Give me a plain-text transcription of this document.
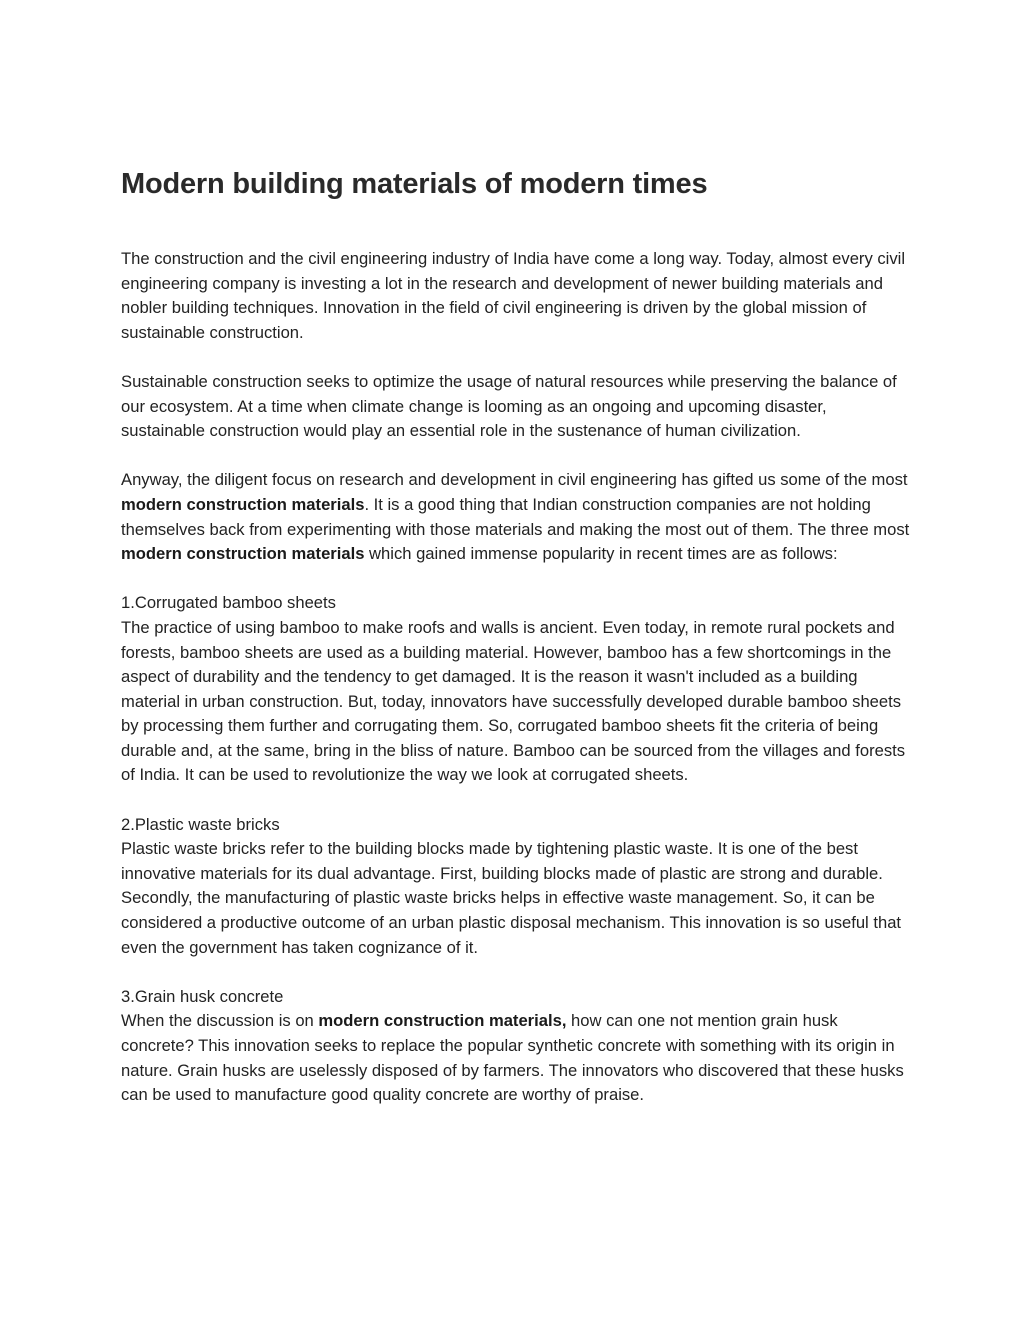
Modern building materials of modern times

The construction and the civil engineering industry of India have come a long way. Today, almost every civil engineering company is investing a lot in the research and development of newer building materials and nobler building techniques. Innovation in the field of civil engineering is driven by the global mission of sustainable construction.

Sustainable construction seeks to optimize the usage of natural resources while preserving the balance of our ecosystem. At a time when climate change is looming as an ongoing and upcoming disaster, sustainable construction would play an essential role in the sustenance of human civilization.

Anyway, the diligent focus on research and development in civil engineering has gifted us some of the most modern construction materials. It is a good thing that Indian construction companies are not holding themselves back from experimenting with those materials and making the most out of them. The three most modern construction materials which gained immense popularity in recent times are as follows:

1.Corrugated bamboo sheets
The practice of using bamboo to make roofs and walls is ancient. Even today, in remote rural pockets and forests, bamboo sheets are used as a building material. However, bamboo has a few shortcomings in the aspect of durability and the tendency to get damaged. It is the reason it wasn't included as a building material in urban construction. But, today, innovators have successfully developed durable bamboo sheets by processing them further and corrugating them. So, corrugated bamboo sheets fit the criteria of being durable and, at the same, bring in the bliss of nature. Bamboo can be sourced from the villages and forests of India. It can be used to revolutionize the way we look at corrugated sheets.

2.Plastic waste bricks
Plastic waste bricks refer to the building blocks made by tightening plastic waste. It is one of the best innovative materials for its dual advantage. First, building blocks made of plastic are strong and durable. Secondly, the manufacturing of plastic waste bricks helps in effective waste management. So, it can be considered a productive outcome of an urban plastic disposal mechanism. This innovation is so useful that even the government has taken cognizance of it.

3.Grain husk concrete
When the discussion is on modern construction materials, how can one not mention grain husk concrete? This innovation seeks to replace the popular synthetic concrete with something with its origin in nature. Grain husks are uselessly disposed of by farmers. The innovators who discovered that these husks can be used to manufacture good quality concrete are worthy of praise.
